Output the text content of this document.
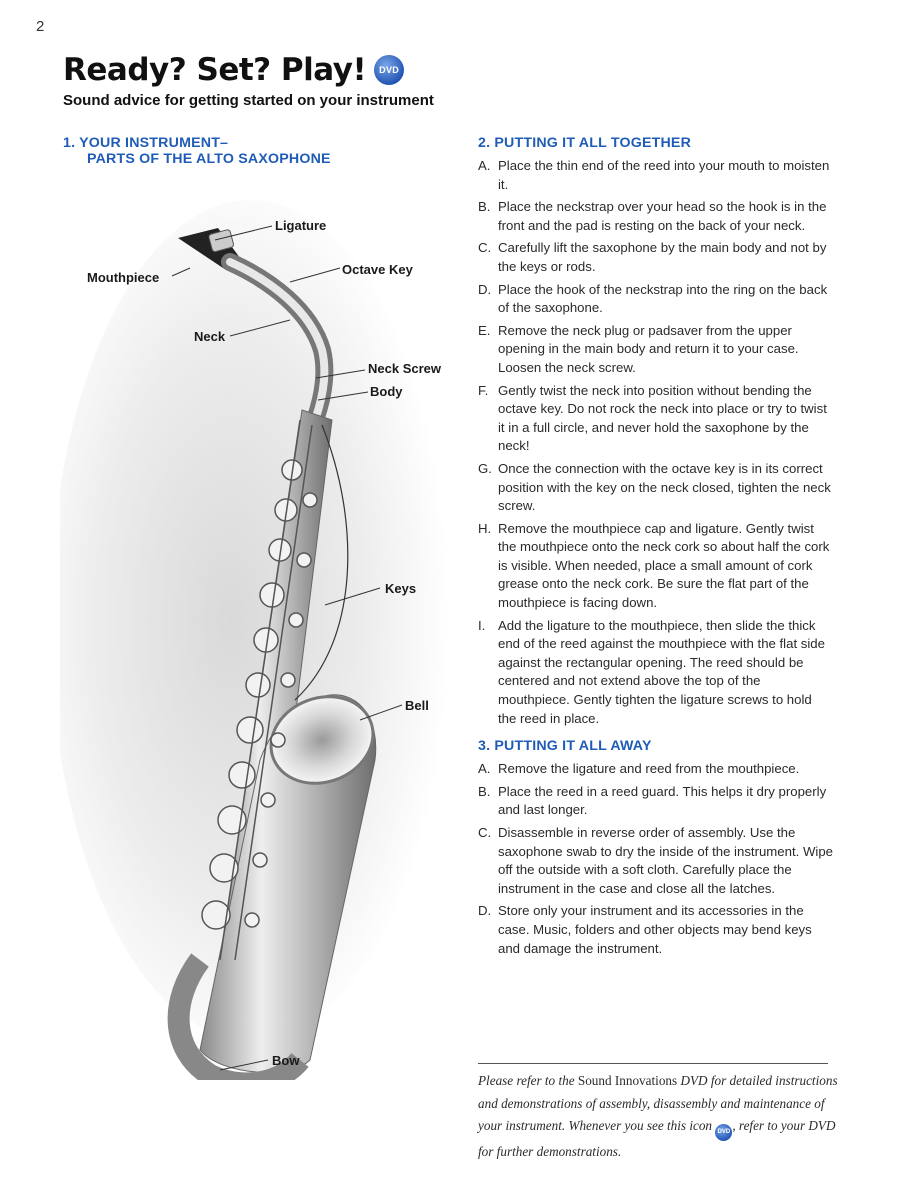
2
Ready? Set? Play! DVD

Sound advice for getting started on your instrument

1. YOUR INSTRUMENT–
PARTS OF THE ALTO SAXOPHONE
Ligature
Mouthpiece
Octave Key
Neck
Neck Screw
Body
Keys
Bell
Bow
2. PUTTING IT ALL TOGETHER
A. Place the thin end of the reed into your mouth to moisten it.
B. Place the neckstrap over your head so the hook is in the front and the pad is resting on the back of your neck.
C. Carefully lift the saxophone by the main body and not by the keys or rods.
D. Place the hook of the neckstrap into the ring on the back of the saxophone.
E. Remove the neck plug or padsaver from the upper opening in the main body and return it to your case. Loosen the neck screw.
F. Gently twist the neck into position without bending the octave key. Do not rock the neck into place or try to twist it in a full circle, and never hold the saxophone by the neck!
G. Once the connection with the octave key is in its correct position with the key on the neck closed, tighten the neck screw.
H. Remove the mouthpiece cap and ligature. Gently twist the mouthpiece onto the neck cork so about half the cork is visible. When needed, place a small amount of cork grease onto the neck cork. Be sure the flat part of the mouthpiece is facing down.
I. Add the ligature to the mouthpiece, then slide the thick end of the reed against the mouthpiece with the flat side against the rectangular opening. The reed should be centered and not extend above the top of the mouthpiece. Gently tighten the ligature screws to hold the reed in place.
3. PUTTING IT ALL AWAY
A. Remove the ligature and reed from the mouthpiece.
B. Place the reed in a reed guard. This helps it dry properly and last longer.
C. Disassemble in reverse order of assembly. Use the saxophone swab to dry the inside of the instrument. Wipe off the outside with a soft cloth. Carefully place the instrument in the case and close all the latches.
D. Store only your instrument and its accessories in the case. Music, folders and other objects may bend keys and damage the instrument.

Please refer to the Sound Innovations DVD for detailed instructions and demonstrations of assembly, disassembly and maintenance of your instrument. Whenever you see this icon DVD , refer to your DVD for further demonstrations.
